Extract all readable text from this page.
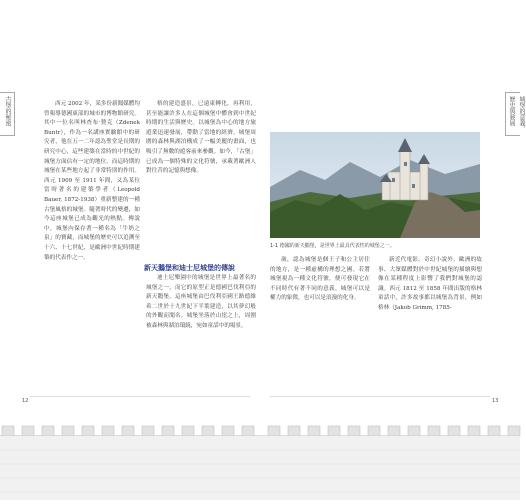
古堡的秘密	西元 2002 年，某多份新聞媒體均曾報導德國東部的城市的博物館研究。其中一位名叫林查布·贊克（Zdenek Buntr），作為一名講座實驗館中的研究者，他在五一二年認為聖堂是長期的研究中心，這些建築在當時的中世紀的城堡方面佔有一定的地位。而這時期的城堡在某些地方起了非常特別的作用。西元 1909 至 1911 年間，又為某位當時著名的建築學者（Leopold Bauer, 1872-1938）重新整建的一種古堡風格的城堡。隨著時代的變遷，如今這座城堡已成為觀光的熱點。傳說中，城堡內保存著一種名為「牛奶之泉」的寶藏，而城堡的歷史可以追溯至十六、十七世紀，是歐洲中世紀時期建築的代表作之一。

格的建造盛景，已遠東轉化，再利用，甚至能讓許多人在這個城堡中體會到中世紀時期的生活與歷史。以城堡為中心的地方旅遊業迅速發展，帶動了當地的經濟。城堡周圍的森林與湖泊構成了一幅美麗的畫面，也吸引了無數的遊客前來參觀。如今，「古堡」已成為一個特殊的文化符號，承載著歐洲人對往昔的記憶與想像。

新天鵝堡和迪士尼城堡的傳說

迪士尼樂園中的城堡是世界上最著名的城堡之一，而它的原型正是德國巴伐利亞的新天鵝堡。這座城堡由巴伐利亞國王路德維希二世於十九世紀下半葉建造，以其夢幻般的外觀而聞名。城堡坐落於山崖之上，周圍被森林與湖泊環繞，宛如童話中的場景。

12
1-1 德國的新天鵝堡，是世界上最具代表性的城堡之一。

歲，認為城堡是個王子和公主居住的地方，是一種虛構的理想之國。若將城堡視為一種文化符號，便可發現它在不同時代有著不同的意義。城堡可以是權力的象徵，也可以是浪漫的化身。

新近代電影、奇幻小說外，歐洲的故事、大眾媒體對於中世紀城堡的描繪與想像在某種程度上影響了我們對城堡的認識。西元 1812 至 1858 年間出版的格林童話中，許多故事都以城堡為背景，例如格林（Jakob Grimm, 1785-

城堡的意義、歷史與發展
13
